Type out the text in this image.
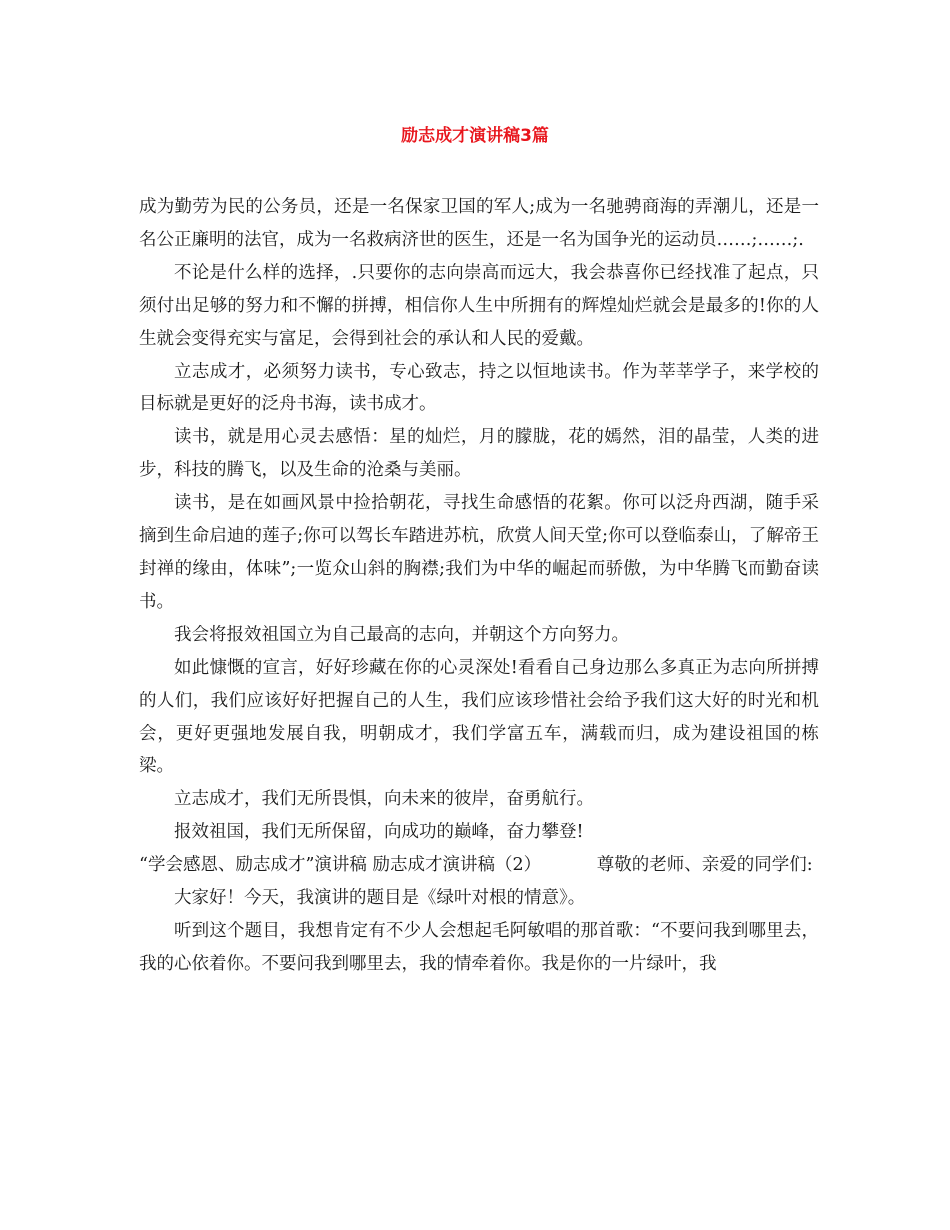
励志成才演讲稿3篇

成为勤劳为民的公务员，还是一名保家卫国的军人;成为一名驰骋商海的弄潮儿，还是一名公正廉明的法官，成为一名救病济世的医生，还是一名为国争光的运动员……;……;.

不论是什么样的选择，.只要你的志向崇高而远大，我会恭喜你已经找准了起点，只须付出足够的努力和不懈的拼搏，相信你人生中所拥有的辉煌灿烂就会是最多的!你的人生就会变得充实与富足，会得到社会的承认和人民的爱戴。

立志成才，必须努力读书，专心致志，持之以恒地读书。作为莘莘学子，来学校的目标就是更好的泛舟书海，读书成才。

读书，就是用心灵去感悟：星的灿烂，月的朦胧，花的嫣然，泪的晶莹，人类的进步，科技的腾飞，以及生命的沧桑与美丽。

读书，是在如画风景中捡拾朝花，寻找生命感悟的花絮。你可以泛舟西湖，随手采摘到生命启迪的莲子;你可以驾长车踏进苏杭，欣赏人间天堂;你可以登临泰山，了解帝王封禅的缘由，体味”;一览众山斜的胸襟;我们为中华的崛起而骄傲，为中华腾飞而勤奋读书。

我会将报效祖国立为自己最高的志向，并朝这个方向努力。

如此慷慨的宣言，好好珍藏在你的心灵深处!看看自己身边那么多真正为志向所拼搏的人们，我们应该好好把握自己的人生，我们应该珍惜社会给予我们这大好的时光和机会，更好更强地发展自我，明朝成才，我们学富五车，满载而归，成为建设祖国的栋梁。

立志成才，我们无所畏惧，向未来的彼岸，奋勇航行。

报效祖国，我们无所保留，向成功的巅峰，奋力攀登!

“学会感恩、励志成才”演讲稿 励志成才演讲稿（2）          尊敬的老师、亲爱的同学们:

大家好！今天，我演讲的题目是《绿叶对根的情意》。

听到这个题目，我想肯定有不少人会想起毛阿敏唱的那首歌：“不要问我到哪里去，我的心依着你。不要问我到哪里去，我的情牵着你。我是你的一片绿叶，我
